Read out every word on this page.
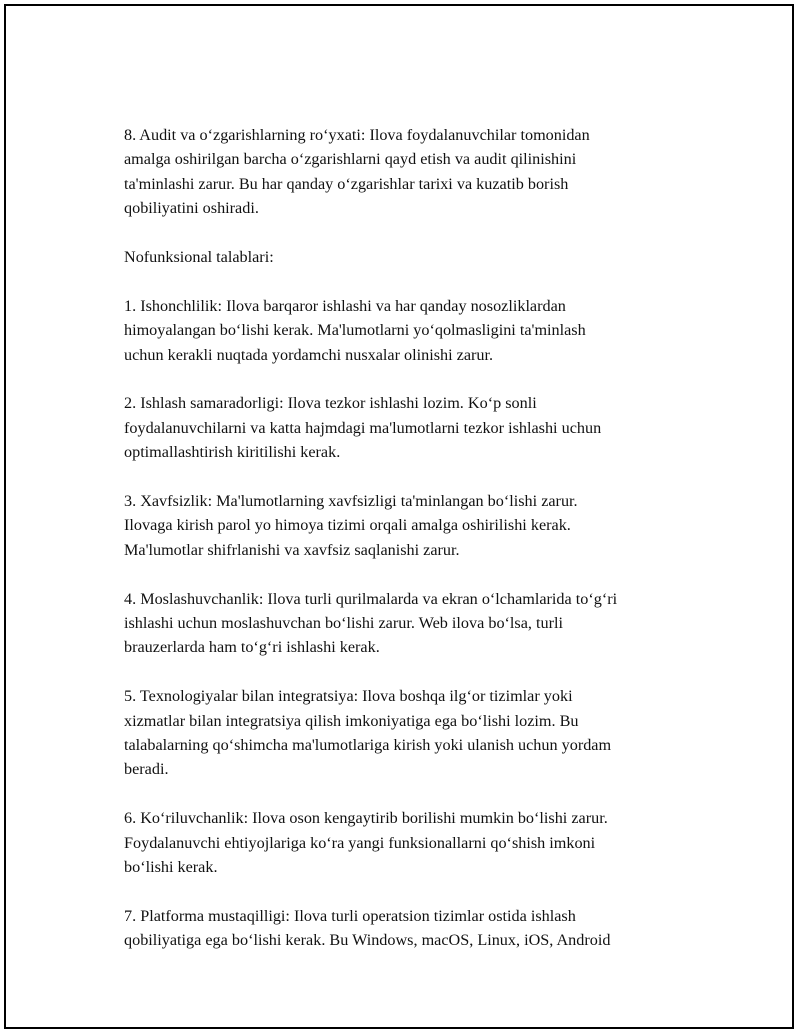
8. Audit va o‘zgarishlarning ro‘yxati: Ilova foydalanuvchilar tomonidan
amalga oshirilgan barcha o‘zgarishlarni qayd etish va audit qilinishini
ta'minlashi zarur. Bu har qanday o‘zgarishlar tarixi va kuzatib borish
qobiliyatini oshiradi.

Nofunksional talablari:

1. Ishonchlilik: Ilova barqaror ishlashi va har qanday nosozliklardan
himoyalangan bo‘lishi kerak. Ma'lumotlarni yo‘qolmasligini ta'minlash
uchun kerakli nuqtada yordamchi nusxalar olinishi zarur.

2. Ishlash samaradorligi: Ilova tezkor ishlashi lozim. Ko‘p sonli
foydalanuvchilarni va katta hajmdagi ma'lumotlarni tezkor ishlashi uchun
optimallashtirish kiritilishi kerak.

3. Xavfsizlik: Ma'lumotlarning xavfsizligi ta'minlangan bo‘lishi zarur.
Ilovaga kirish parol yo himoya tizimi orqali amalga oshirilishi kerak.
Ma'lumotlar shifrlanishi va xavfsiz saqlanishi zarur.

4. Moslashuvchanlik: Ilova turli qurilmalarda va ekran o‘lchamlarida to‘g‘ri
ishlashi uchun moslashuvchan bo‘lishi zarur. Web ilova bo‘lsa, turli
brauzerlarda ham to‘g‘ri ishlashi kerak.

5. Texnologiyalar bilan integratsiya: Ilova boshqa ilg‘or tizimlar yoki
xizmatlar bilan integratsiya qilish imkoniyatiga ega bo‘lishi lozim. Bu
talabalarning qo‘shimcha ma'lumotlariga kirish yoki ulanish uchun yordam
beradi.

6. Ko‘riluvchanlik: Ilova oson kengaytirib borilishi mumkin bo‘lishi zarur.
Foydalanuvchi ehtiyojlariga ko‘ra yangi funksionallarni qo‘shish imkoni
bo‘lishi kerak.

7. Platforma mustaqilligi: Ilova turli operatsion tizimlar ostida ishlash
qobiliyatiga ega bo‘lishi kerak. Bu Windows, macOS, Linux, iOS, Android
